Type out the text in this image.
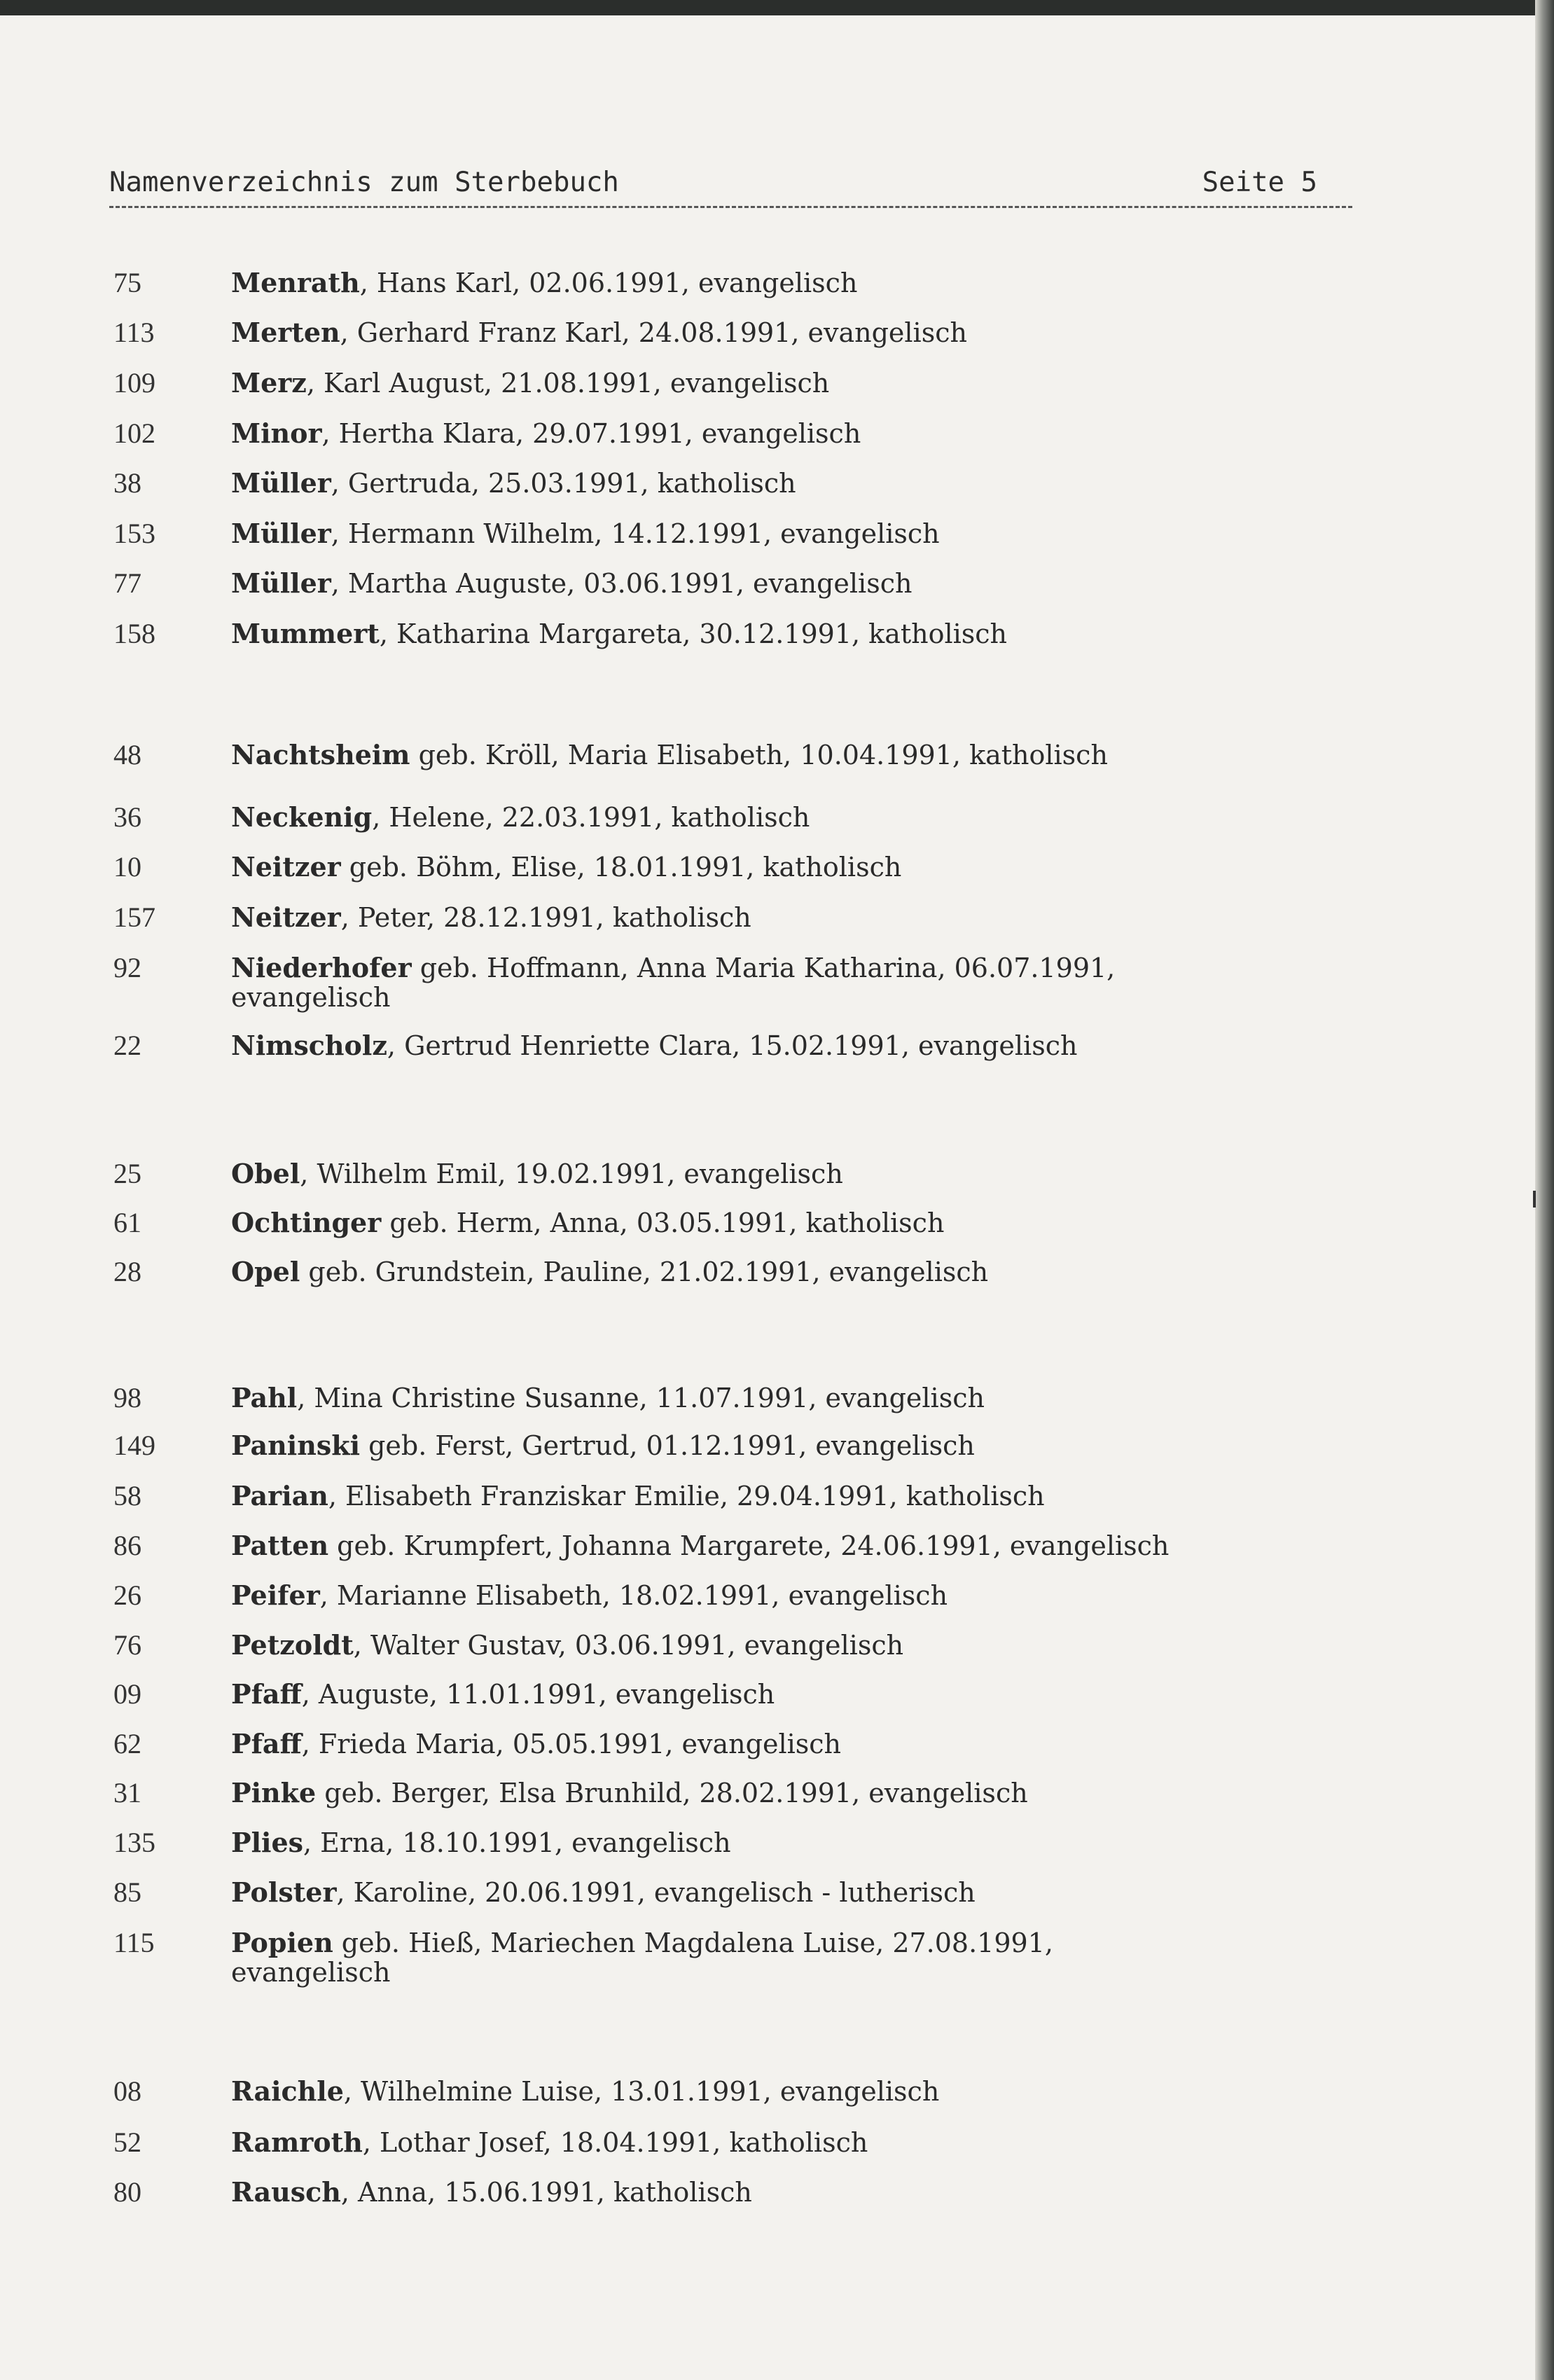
Namenverzeichnis zum Sterbebuch	Seite 5
75	Menrath, Hans Karl, 02.06.1991, evangelisch
113	Merten, Gerhard Franz Karl, 24.08.1991, evangelisch
109	Merz, Karl August, 21.08.1991, evangelisch
102	Minor, Hertha Klara, 29.07.1991, evangelisch
38	Müller, Gertruda, 25.03.1991, katholisch
153	Müller, Hermann Wilhelm, 14.12.1991, evangelisch
77	Müller, Martha Auguste, 03.06.1991, evangelisch
158	Mummert, Katharina Margareta, 30.12.1991, katholisch
48	Nachtsheim geb. Kröll, Maria Elisabeth, 10.04.1991, katholisch
36	Neckenig, Helene, 22.03.1991, katholisch
10	Neitzer geb. Böhm, Elise, 18.01.1991, katholisch
157	Neitzer, Peter, 28.12.1991, katholisch
92	Niederhofer geb. Hoffmann, Anna Maria Katharina, 06.07.1991,
evangelisch
22	Nimscholz, Gertrud Henriette Clara, 15.02.1991, evangelisch
25	Obel, Wilhelm Emil, 19.02.1991, evangelisch
61	Ochtinger geb. Herm, Anna, 03.05.1991, katholisch
28	Opel geb. Grundstein, Pauline, 21.02.1991, evangelisch
98	Pahl, Mina Christine Susanne, 11.07.1991, evangelisch
149	Paninski geb. Ferst, Gertrud, 01.12.1991, evangelisch
58	Parian, Elisabeth Franziskar Emilie, 29.04.1991, katholisch
86	Patten geb. Krumpfert, Johanna Margarete, 24.06.1991, evangelisch
26	Peifer, Marianne Elisabeth, 18.02.1991, evangelisch
76	Petzoldt, Walter Gustav, 03.06.1991, evangelisch
09	Pfaff, Auguste, 11.01.1991, evangelisch
62	Pfaff, Frieda Maria, 05.05.1991, evangelisch
31	Pinke geb. Berger, Elsa Brunhild, 28.02.1991, evangelisch
135	Plies, Erna, 18.10.1991, evangelisch
85	Polster, Karoline, 20.06.1991, evangelisch - lutherisch
115	Popien geb. Hieß, Mariechen Magdalena Luise, 27.08.1991,
evangelisch
08	Raichle, Wilhelmine Luise, 13.01.1991, evangelisch
52	Ramroth, Lothar Josef, 18.04.1991, katholisch
80	Rausch, Anna, 15.06.1991, katholisch
